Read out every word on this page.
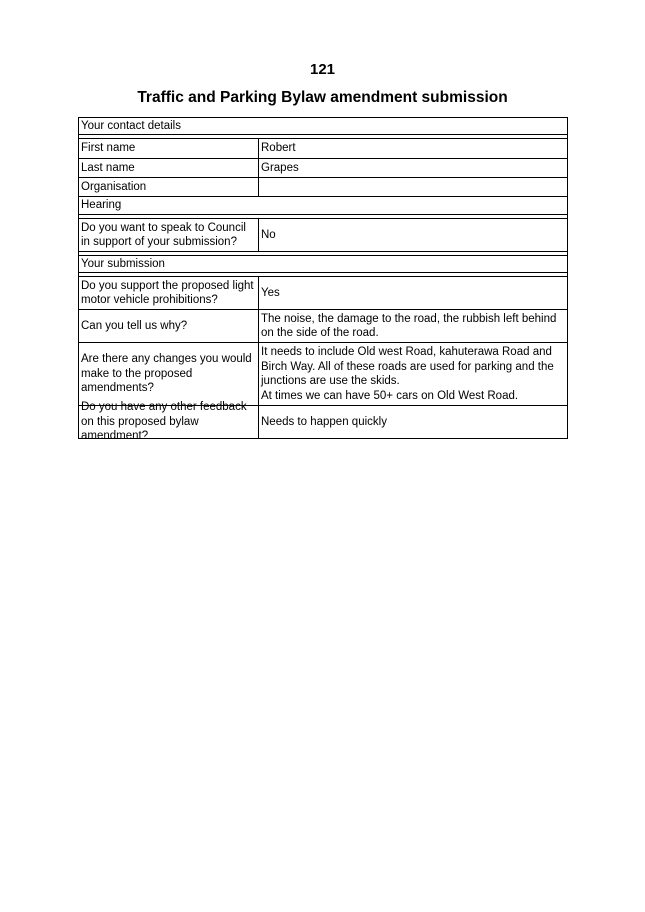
121
Traffic and Parking Bylaw amendment submission
Your contact details
First name	Robert
Last name	Grapes
Organisation
Hearing
Do you want to speak to Council in support of your submission?
No
Your submission
Do you support the proposed light motor vehicle prohibitions?
Yes
Can you tell us why?
The noise, the damage to the road, the rubbish left behind on the side of the road.
Are there any changes you would make to the proposed amendments?
It needs to include Old west Road, kahuterawa Road and Birch Way. All of these roads are used for parking and the junctions are use the skids.
At times we can have 50+ cars on Old West Road.
Do you have any other feedback on this proposed bylaw amendment?
Needs to happen quickly
